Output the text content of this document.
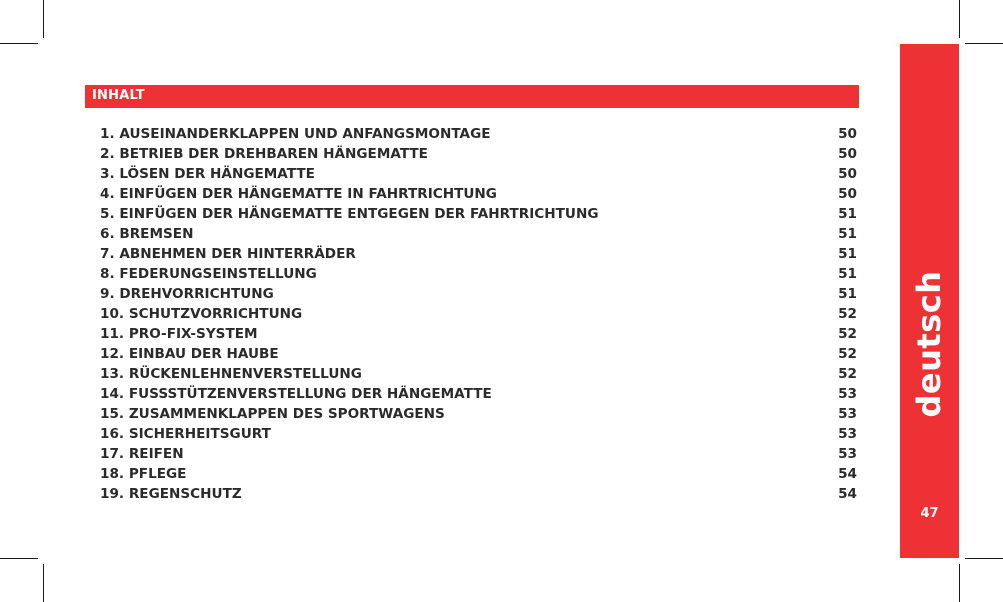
INHALT
1. AUSEINANDERKLAPPEN UND ANFANGSMONTAGE	50
2. BETRIEB DER DREHBAREN HÄNGEMATTE	50
3. LÖSEN DER HÄNGEMATTE	50
4. EINFÜGEN DER HÄNGEMATTE IN FAHRTRICHTUNG	50
5. EINFÜGEN DER HÄNGEMATTE ENTGEGEN DER FAHRTRICHTUNG	51
6. BREMSEN	51
7. ABNEHMEN DER HINTERRÄDER	51
8. FEDERUNGSEINSTELLUNG	51
9. DREHVORRICHTUNG	51
10. SCHUTZVORRICHTUNG	52
11. PRO-FIX-SYSTEM	52
12. EINBAU DER HAUBE	52
13. RÜCKENLEHNENVERSTELLUNG	52
14. FUSSSTÜTZENVERSTELLUNG DER HÄNGEMATTE	53
15. ZUSAMMENKLAPPEN DES SPORTWAGENS	53
16. SICHERHEITSGURT	53
17. REIFEN	53
18. PFLEGE	54
19. REGENSCHUTZ	54
deutsch
47
